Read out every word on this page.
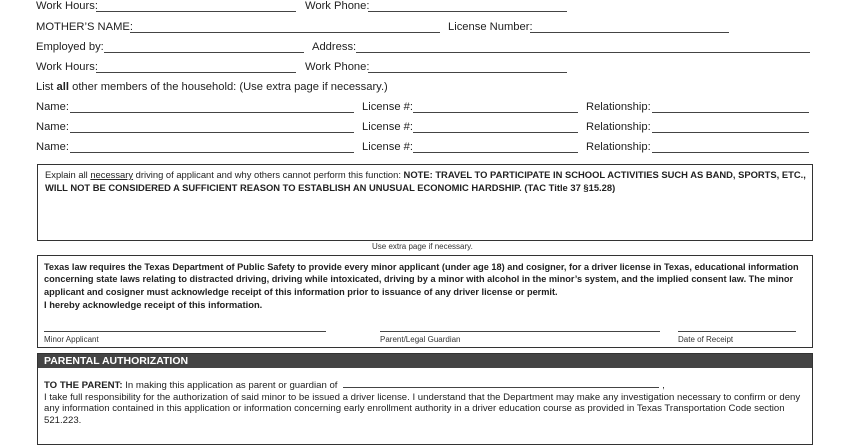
Work Hours:	Work Phone:
MOTHER’S NAME:	License Number:
Employed by:	Address:
Work Hours:	Work Phone:
List all other members of the household: (Use extra page if necessary.)
Name:	License #:	Relationship:
Name:	License #:	Relationship:
Name:	License #:	Relationship:
Explain all necessary driving of applicant and why others cannot perform this function: NOTE: TRAVEL TO PARTICIPATE IN SCHOOL ACTIVITIES SUCH AS BAND, SPORTS, ETC., WILL NOT BE CONSIDERED A SUFFICIENT REASON TO ESTABLISH AN UNUSUAL ECONOMIC HARDSHIP. (TAC Title 37 §15.28)
Use extra page if necessary.
Texas law requires the Texas Department of Public Safety to provide every minor applicant (under age 18) and cosigner, for a driver license in Texas, educational information concerning state laws relating to distracted driving, driving while intoxicated, driving by a minor with alcohol in the minor’s system, and the implied consent law. The minor applicant and cosigner must acknowledge receipt of this information prior to issuance of any driver license or permit.
I hereby acknowledge receipt of this information.
Minor Applicant	Parent/Legal Guardian	Date of Receipt
PARENTAL AUTHORIZATION
TO THE PARENT: In making this application as parent or guardian of	,
I take full responsibility for the authorization of said minor to be issued a driver license. I understand that the Department may make any investigation necessary to confirm or deny any information contained in this application or information concerning early enrollment authority in a driver education course as provided in Texas Transportation Code section 521.223.
